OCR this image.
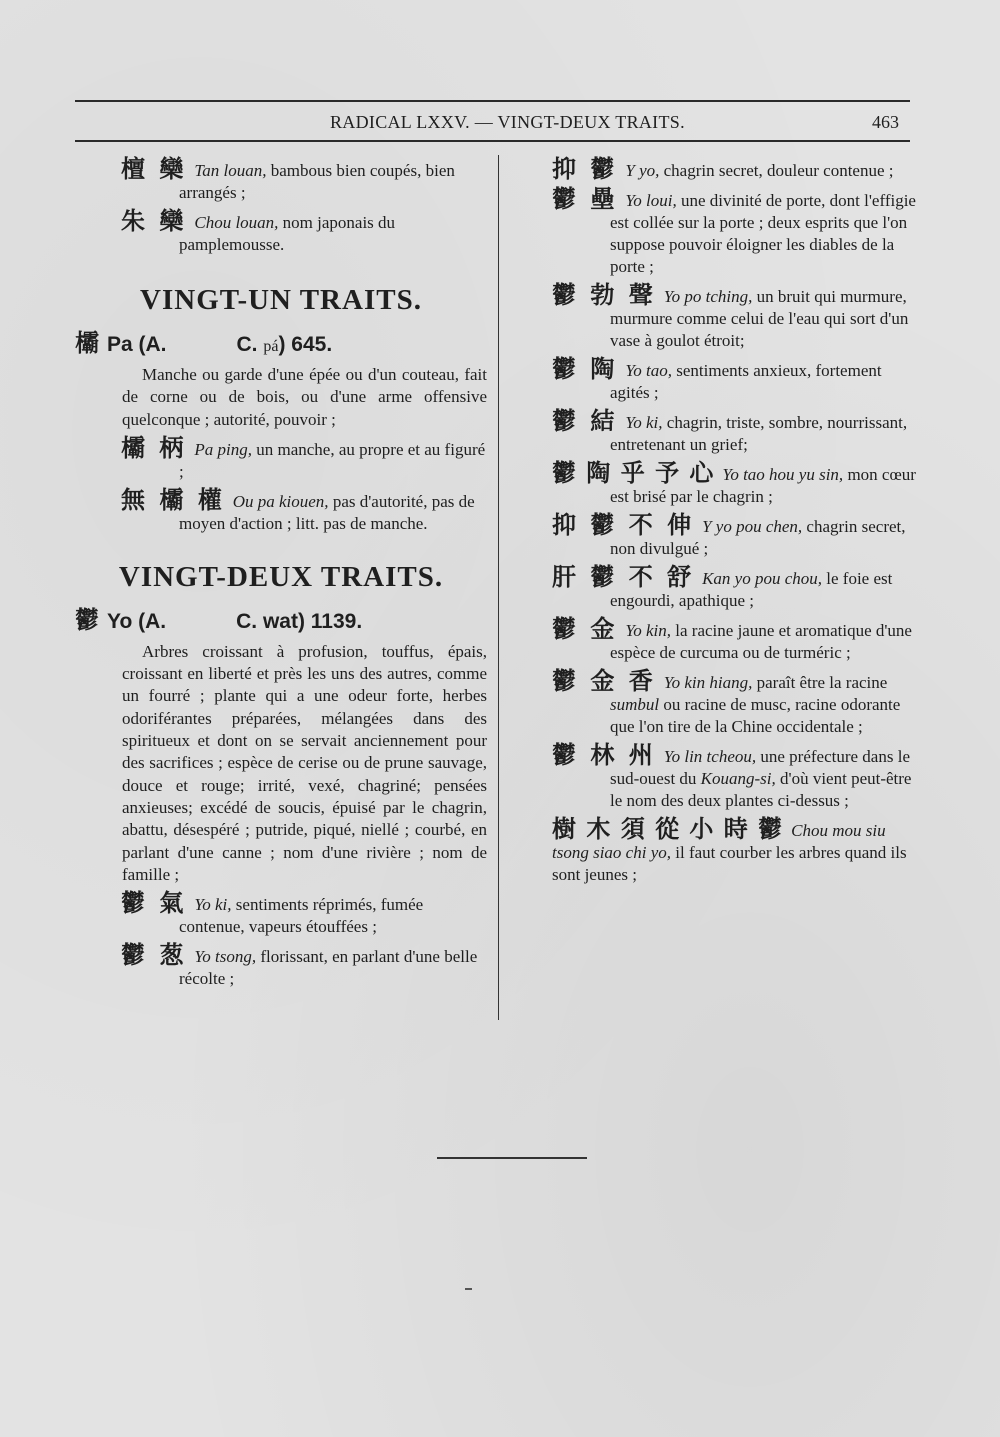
RADICAL LXXV. — VINGT-DEUX TRAITS.	463
檀 欒 Tan louan, bambous bien coupés, bien arrangés ;
朱 欒 Chou louan, nom japonais du pamplemousse.
VINGT-UN TRAITS.
欛 Pa (A.	C. pá) 645.
Manche ou garde d'une épée ou d'un couteau, fait de corne ou de bois, ou d'une arme offensive quelconque ; autorité, pouvoir ;
欛 柄 Pa ping, un manche, au propre et au figuré ;
無 欛 權 Ou pa kiouen, pas d'autorité, pas de moyen d'action ; litt. pas de manche.
VINGT-DEUX TRAITS.
鬱 Yo (A.	C. wat) 1139.
Arbres croissant à profusion, touffus, épais, croissant en liberté et près les uns des autres, comme un fourré ; plante qui a une odeur forte, herbes odoriférantes préparées, mélangées dans des spiritueux et dont on se servait anciennement pour des sacrifices ; espèce de cerise ou de prune sauvage, douce et rouge; irrité, vexé, chagriné; pensées anxieuses; excédé de soucis, épuisé par le chagrin, abattu, désespéré ; putride, piqué, niellé ; courbé, en parlant d'une canne ; nom d'une rivière ; nom de famille ;
鬱 氣 Yo ki, sentiments réprimés, fumée contenue, vapeurs étouffées ;
鬱 葱 Yo tsong, florissant, en parlant d'une belle récolte ;
抑 鬱 Y yo, chagrin secret, douleur contenue ;
鬱 壘 Yo loui, une divinité de porte, dont l'effigie est collée sur la porte ; deux esprits que l'on suppose pouvoir éloigner les diables de la porte ;
鬱 勃 聲 Yo po tching, un bruit qui murmure, murmure comme celui de l'eau qui sort d'un vase à goulot étroit;
鬱 陶 Yo tao, sentiments anxieux, fortement agités ;
鬱 結 Yo ki, chagrin, triste, sombre, nourrissant, entretenant un grief;
鬱 陶 乎 予 心 Yo tao hou yu sin, mon cœur est brisé par le chagrin ;
抑 鬱 不 伸 Y yo pou chen, chagrin secret, non divulgué ;
肝 鬱 不 舒 Kan yo pou chou, le foie est engourdi, apathique ;
鬱 金 Yo kin, la racine jaune et aromatique d'une espèce de curcuma ou de turméric ;
鬱 金 香 Yo kin hiang, paraît être la racine sumbul ou racine de musc, racine odorante que l'on tire de la Chine occidentale ;
鬱 林 州 Yo lin tcheou, une préfecture dans le sud-ouest du Kouang-si, d'où vient peut-être le nom des deux plantes ci-dessus ;
樹 木 須 從 小 時 鬱 Chou mou siu tsong siao chi yo, il faut courber les arbres quand ils sont jeunes ;
